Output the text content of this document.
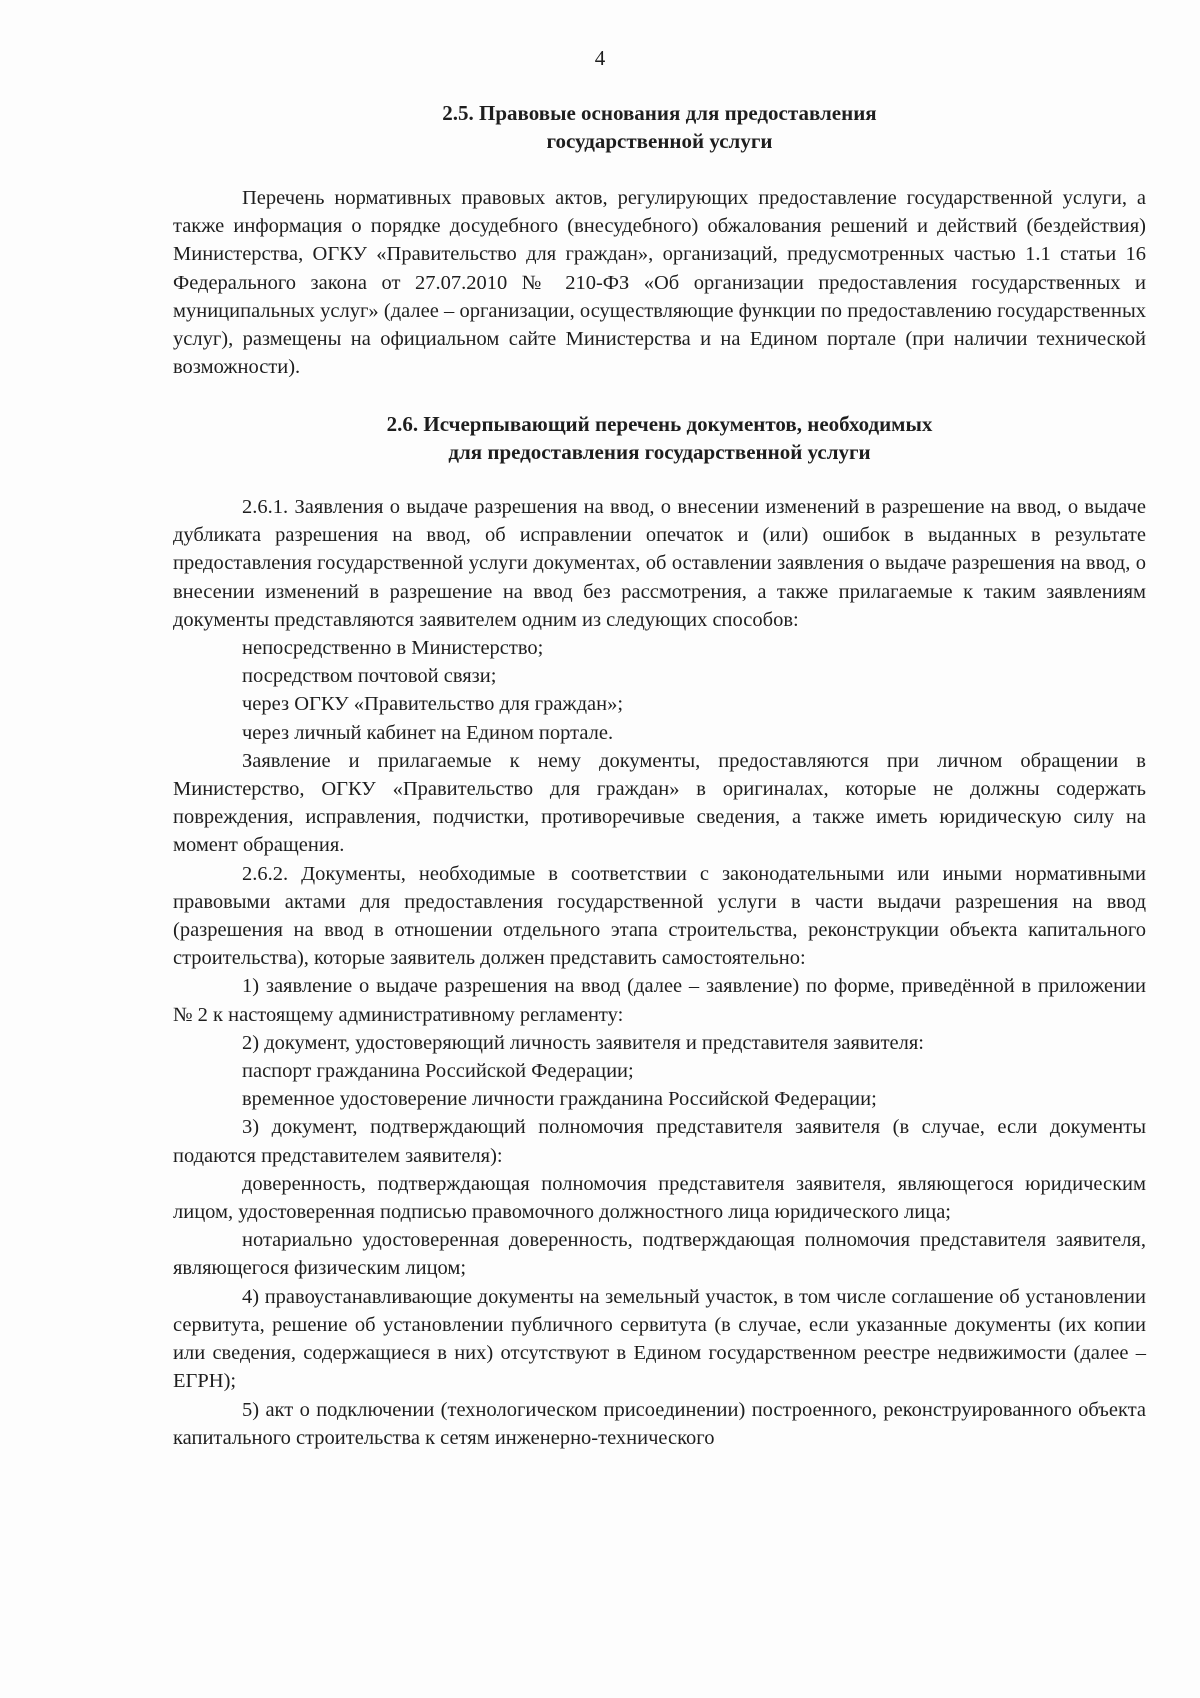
4
2.5. Правовые основания для предоставления
государственной услуги

Перечень нормативных правовых актов, регулирующих предоставление государственной услуги, а также информация о порядке досудебного (внесудебного) обжалования решений и действий (бездействия) Министерства, ОГКУ «Правительство для граждан», организаций, предусмотренных частью 1.1 статьи 16 Федерального закона от 27.07.2010 № 210-ФЗ «Об организации предоставления государственных и муниципальных услуг» (далее – организации, осуществляющие функции по предоставлению государственных услуг), размещены на официальном сайте Министерства и на Едином портале (при наличии технической возможности).

2.6. Исчерпывающий перечень документов, необходимых
для предоставления государственной услуги

2.6.1. Заявления о выдаче разрешения на ввод, о внесении изменений в разрешение на ввод, о выдаче дубликата разрешения на ввод, об исправлении опечаток и (или) ошибок в выданных в результате предоставления государственной услуги документах, об оставлении заявления о выдаче разрешения на ввод, о внесении изменений в разрешение на ввод без рассмотрения, а также прилагаемые к таким заявлениям документы представляются заявителем одним из следующих способов:

непосредственно в Министерство;

посредством почтовой связи;

через ОГКУ «Правительство для граждан»;

через личный кабинет на Едином портале.

Заявление и прилагаемые к нему документы, предоставляются при личном обращении в Министерство, ОГКУ «Правительство для граждан» в оригиналах, которые не должны содержать повреждения, исправления, подчистки, противоречивые сведения, а также иметь юридическую силу на момент обращения.

2.6.2. Документы, необходимые в соответствии с законодательными или иными нормативными правовыми актами для предоставления государственной услуги в части выдачи разрешения на ввод (разрешения на ввод в отношении отдельного этапа строительства, реконструкции объекта капитального строительства), которые заявитель должен представить самостоятельно:

1) заявление о выдаче разрешения на ввод (далее – заявление) по форме, приведённой в приложении № 2 к настоящему административному регламенту:

2) документ, удостоверяющий личность заявителя и представителя заявителя:

паспорт гражданина Российской Федерации;

временное удостоверение личности гражданина Российской Федерации;

3) документ, подтверждающий полномочия представителя заявителя (в случае, если документы подаются представителем заявителя):

доверенность, подтверждающая полномочия представителя заявителя, являющегося юридическим лицом, удостоверенная подписью правомочного должностного лица юридического лица;

нотариально удостоверенная доверенность, подтверждающая полномочия представителя заявителя, являющегося физическим лицом;

4) правоустанавливающие документы на земельный участок, в том числе соглашение об установлении сервитута, решение об установлении публичного сервитута (в случае, если указанные документы (их копии или сведения, содержащиеся в них) отсутствуют в Едином государственном реестре недвижимости (далее – ЕГРН);

5) акт о подключении (технологическом присоединении) построенного, реконструированного объекта капитального строительства к сетям инженерно-технического
